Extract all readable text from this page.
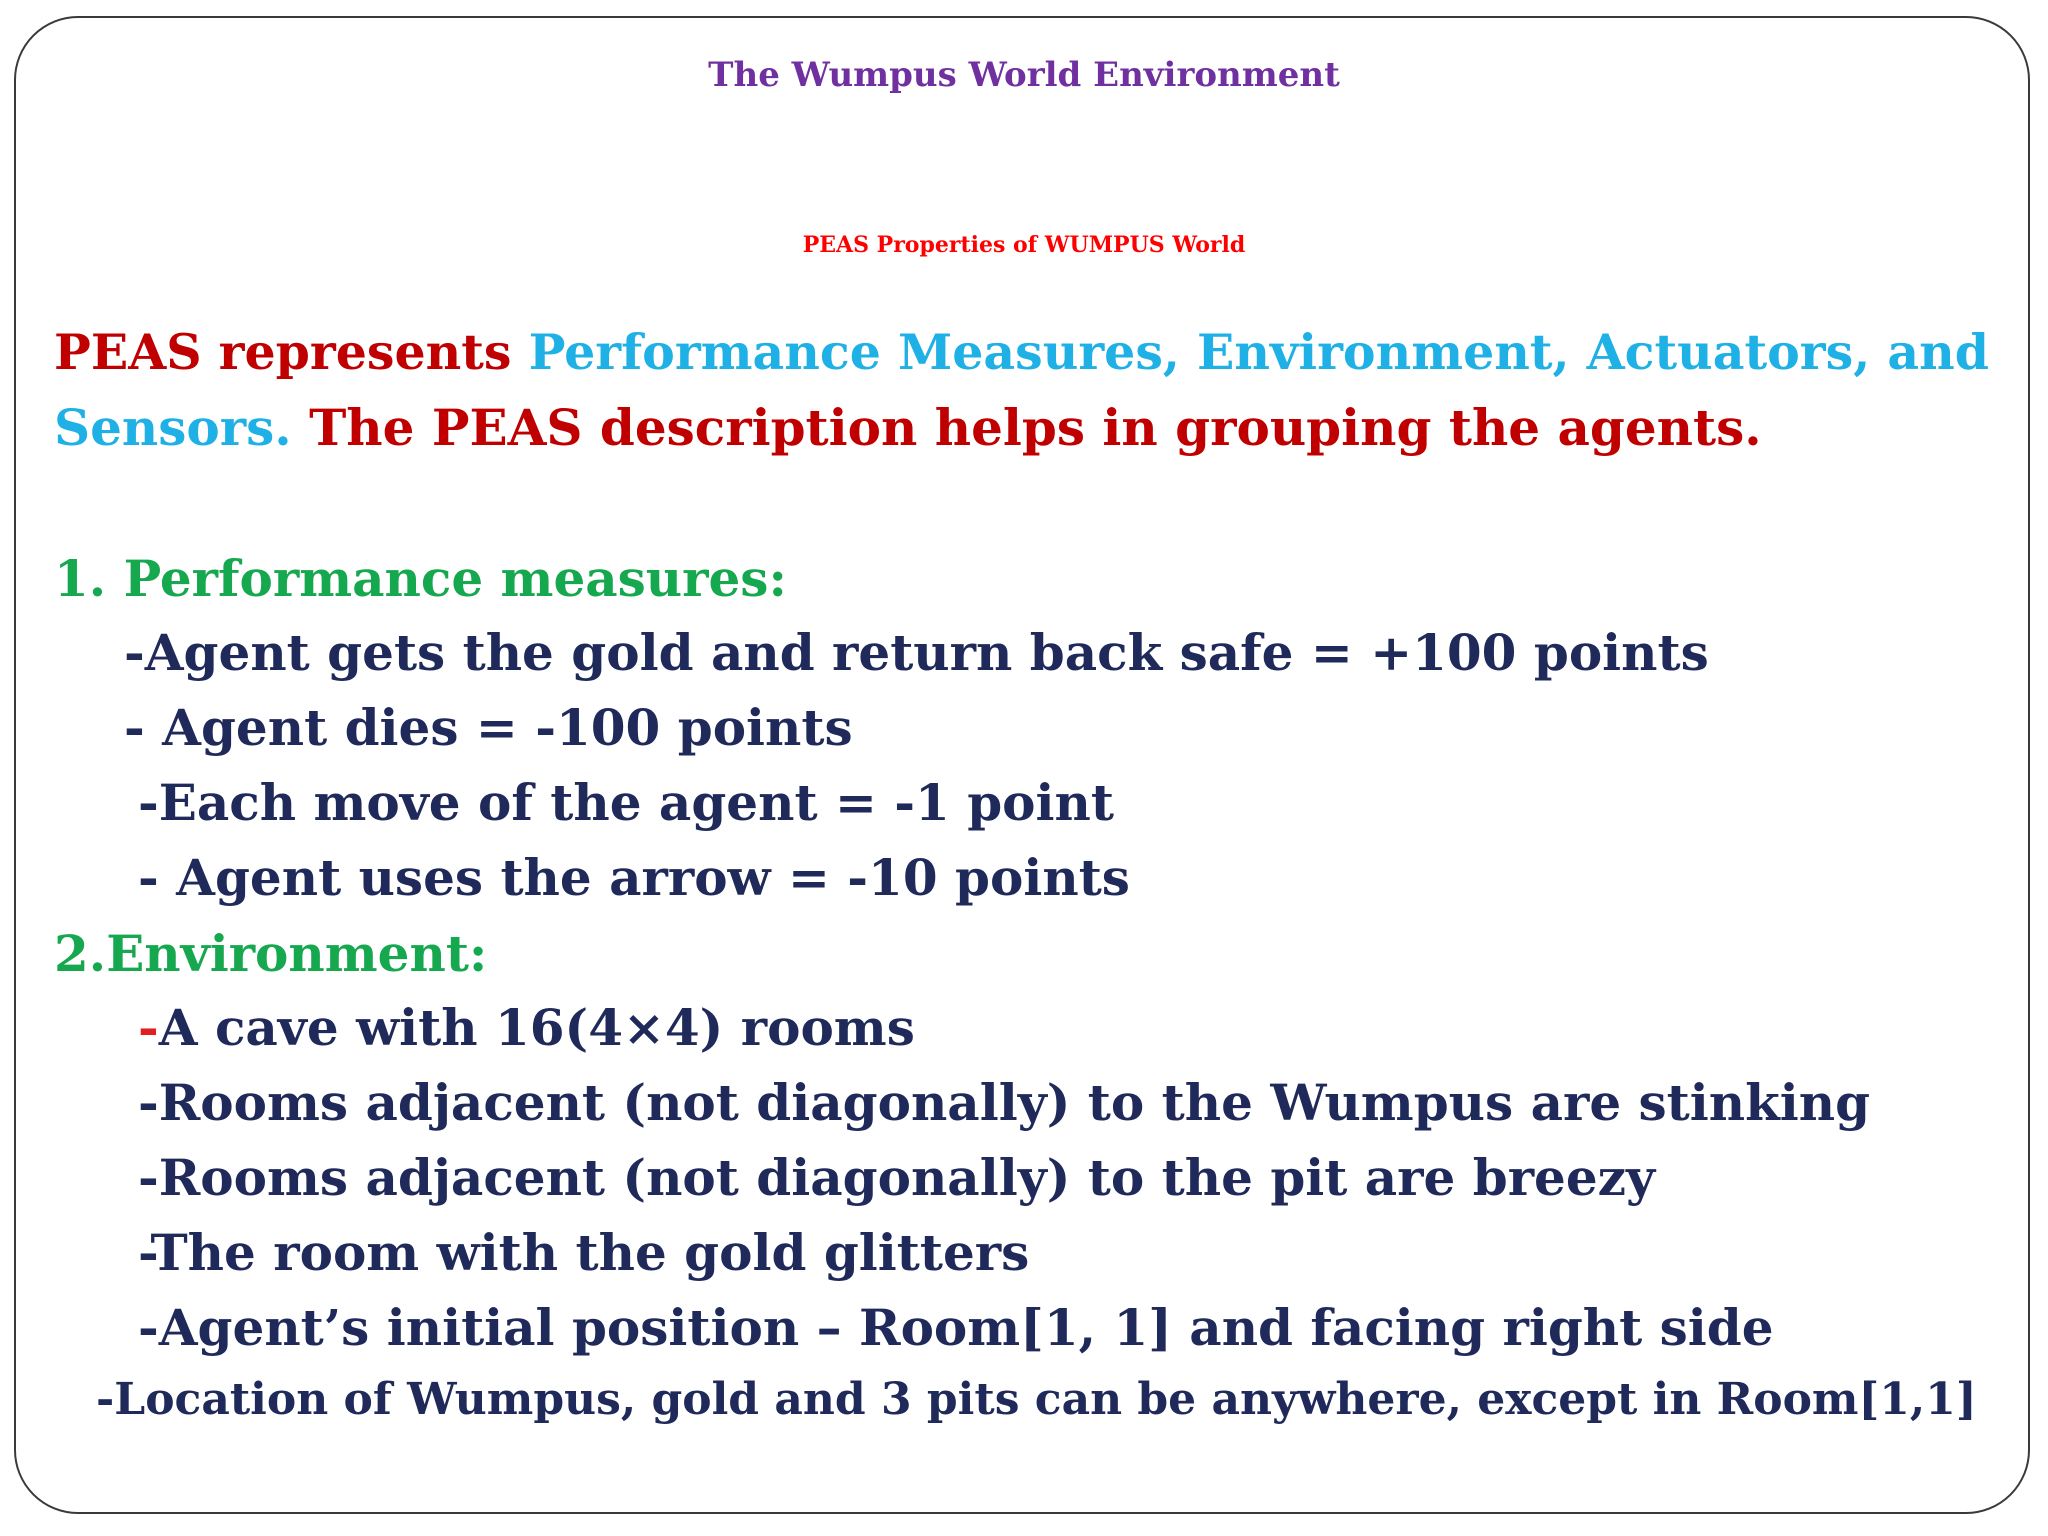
The Wumpus World Environment
PEAS Properties of WUMPUS World
PEAS represents Performance Measures, Environment, Actuators, and
Sensors. The PEAS description helps in grouping the agents.
1. Performance measures:
-Agent gets the gold and return back safe = +100 points
- Agent dies = -100 points
-Each move of the agent = -1 point
- Agent uses the arrow = -10 points
2.Environment:
-A cave with 16(4×4) rooms
-Rooms adjacent (not diagonally) to the Wumpus are stinking
-Rooms adjacent (not diagonally) to the pit are breezy
-The room with the gold glitters
-Agent’s initial position – Room[1, 1] and facing right side
-Location of Wumpus, gold and 3 pits can be anywhere, except in Room[1,1]
